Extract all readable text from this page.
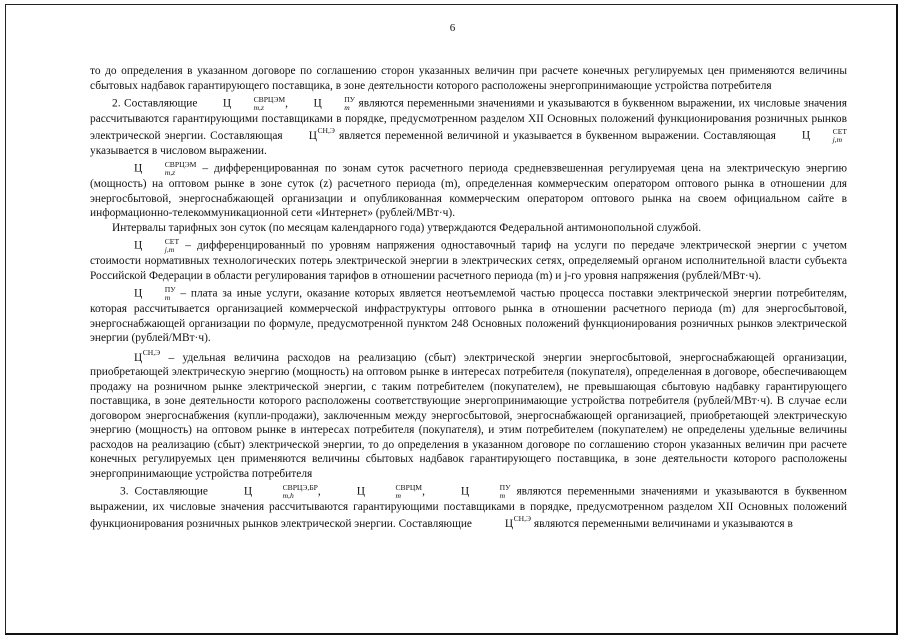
6

то до определения в указанном договоре по соглашению сторон указанных величин при расчете конечных регулируемых цен применяются величины сбытовых надбавок гарантирующего поставщика, в зоне деятельности которого расположены энергопринимающие устройства потребителя

2. Составляющие Ц	СВРЦЭМ
m,z	, Ц	ПУ
m являются переменными значениями и указываются в буквенном выражении, их числовые значения рассчитываются гарантирующими поставщиками в порядке, предусмотренном разделом XII Основных положений функционирования розничных рынков электрической энергии. Составляющая $Ц^{СН,Э}$ является переменной величиной и указывается в буквенном выражении. Составляющая Ц	СЕТ
j,m
указывается в числовом выражении.

Ц	СВРЦЭМ
m,z	– дифференцированная по зонам суток расчетного периода средневзвешенная регулируемая цена на электрическую энергию (мощность) на оптовом рынке в зоне суток (z) расчетного периода (m), определенная коммерческим оператором оптового рынка в отношении для энергосбытовой, энергоснабжающей организации и опубликованная коммерческим оператором оптового рынка на своем официальном сайте в информационно-телекоммуникационной сети «Интернет» (рублей/МВт·ч).

Интервалы тарифных зон суток (по месяцам календарного года) утверждаются Федеральной антимонопольной службой.

Ц	СЕТ
j,m – дифференцированный по уровням напряжения одноставочный тариф на услуги по передаче электрической энергии с учетом стоимости нормативных технологических потерь электрической энергии в электрических сетях, определяемый органом исполнительной власти субъекта Российской Федерации в области регулирования тарифов в отношении расчетного периода (m) и j-го уровня напряжения (рублей/МВт·ч).

Ц	ПУ
m – плата за иные услуги, оказание которых является неотъемлемой частью процесса поставки электрической энергии потребителям, которая рассчитывается организацией коммерческой инфраструктуры оптового рынка в отношении расчетного периода (m) для энергосбытовой, энергоснабжающей организации по формуле, предусмотренной пунктом 248 Основных положений функционирования розничных рынков электрической энергии (рублей/МВт·ч).

$Ц^{СН,Э}$ – удельная величина расходов на реализацию (сбыт) электрической энергии энергосбытовой, энергоснабжающей организации, приобретающей электрическую энергию (мощность) на оптовом рынке в интересах потребителя (покупателя), определенная в договоре, обеспечивающем продажу на розничном рынке электрической энергии, с таким потребителем (покупателем), не превышающая сбытовую надбавку гарантирующего поставщика, в зоне деятельности которого расположены соответствующие энергопринимающие устройства потребителя (рублей/МВт·ч). В случае если договором энергоснабжения (купли-продажи), заключенным между энергосбытовой, энергоснабжающей организацией, приобретающей электрическую энергию (мощность) на оптовом рынке в интересах потребителя (покупателя), и этим потребителем (покупателем) не определены удельные величины расходов на реализацию (сбыт) электрической энергии, то до определения в указанном договоре по соглашению сторон указанных величин при расчете конечных регулируемых цен применяются величины сбытовых надбавок гарантирующего поставщика, в зоне деятельности которого расположены энергопринимающие устройства потребителя

3. Составляющие	Ц	СВРЦЭ,БР
m,h	,	Ц	СВРЦМ
m	,	Ц	ПУ
m являются переменными значениями и указываются в буквенном выражении, их числовые значения рассчитываются гарантирующими поставщиками в порядке, предусмотренном разделом XII Основных положений функционирования розничных рынков электрической энергии. Составляющие	$Ц^{СН,Э}$ являются переменными величинами и указываются в
